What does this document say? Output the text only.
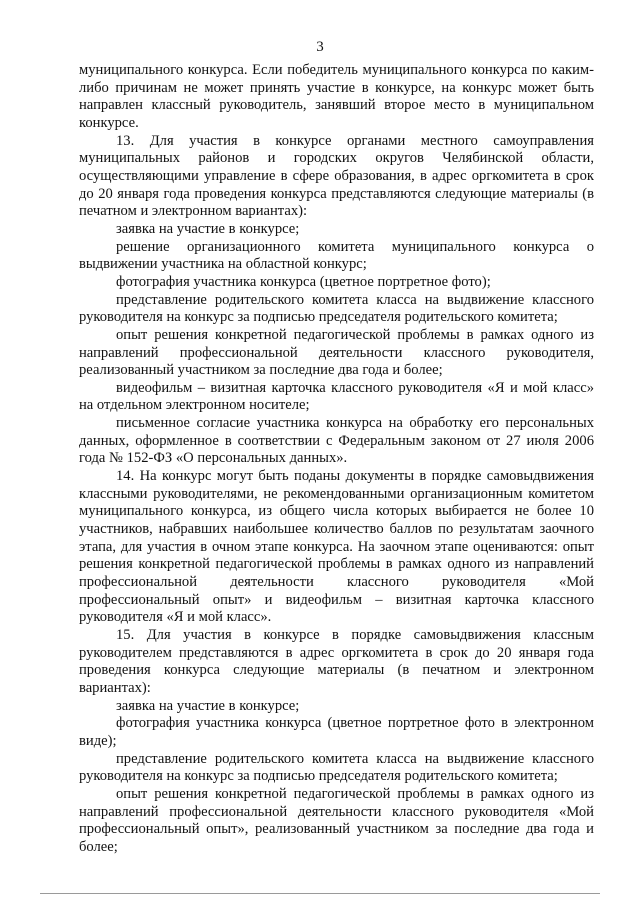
3

муниципального конкурса. Если победитель муниципального конкурса по каким-либо причинам не может принять участие в конкурсе, на конкурс может быть направлен классный руководитель, занявший второе место в муниципальном конкурсе.

13. Для участия в конкурсе органами местного самоуправления муниципальных районов и городских округов Челябинской области, осуществляющими управление в сфере образования, в адрес оргкомитета в срок до 20 января года проведения конкурса представляются следующие материалы (в печатном и электронном вариантах):

заявка на участие в конкурсе;

решение организационного комитета муниципального конкурса о выдвижении участника на областной конкурс;

фотография участника конкурса (цветное портретное фото);

представление родительского комитета класса на выдвижение классного руководителя на конкурс за подписью председателя родительского комитета;

опыт решения конкретной педагогической проблемы в рамках одного из направлений профессиональной деятельности классного руководителя, реализованный участником за последние два года и более;

видеофильм – визитная карточка классного руководителя «Я и мой класс» на отдельном электронном носителе;

письменное согласие участника конкурса на обработку его персональных данных, оформленное в соответствии с Федеральным законом от 27 июля 2006 года № 152-ФЗ «О персональных данных».

14. На конкурс могут быть поданы документы в порядке самовыдвижения классными руководителями, не рекомендованными организационным комитетом муниципального конкурса, из общего числа которых выбирается не более 10 участников, набравших наибольшее количество баллов по результатам заочного этапа, для участия в очном этапе конкурса. На заочном этапе оцениваются: опыт решения конкретной педагогической проблемы в рамках одного из направлений профессиональной деятельности классного руководителя «Мой профессиональный опыт» и видеофильм – визитная карточка классного руководителя «Я и мой класс».

15. Для участия в конкурсе в порядке самовыдвижения классным руководителем представляются в адрес оргкомитета в срок до 20 января года проведения конкурса следующие материалы (в печатном и электронном вариантах):

заявка на участие в конкурсе;

фотография участника конкурса (цветное портретное фото в электронном виде);

представление родительского комитета класса на выдвижение классного руководителя на конкурс за подписью председателя родительского комитета;

опыт решения конкретной педагогической проблемы в рамках одного из направлений профессиональной деятельности классного руководителя «Мой профессиональный опыт», реализованный участником за последние два года и более;
